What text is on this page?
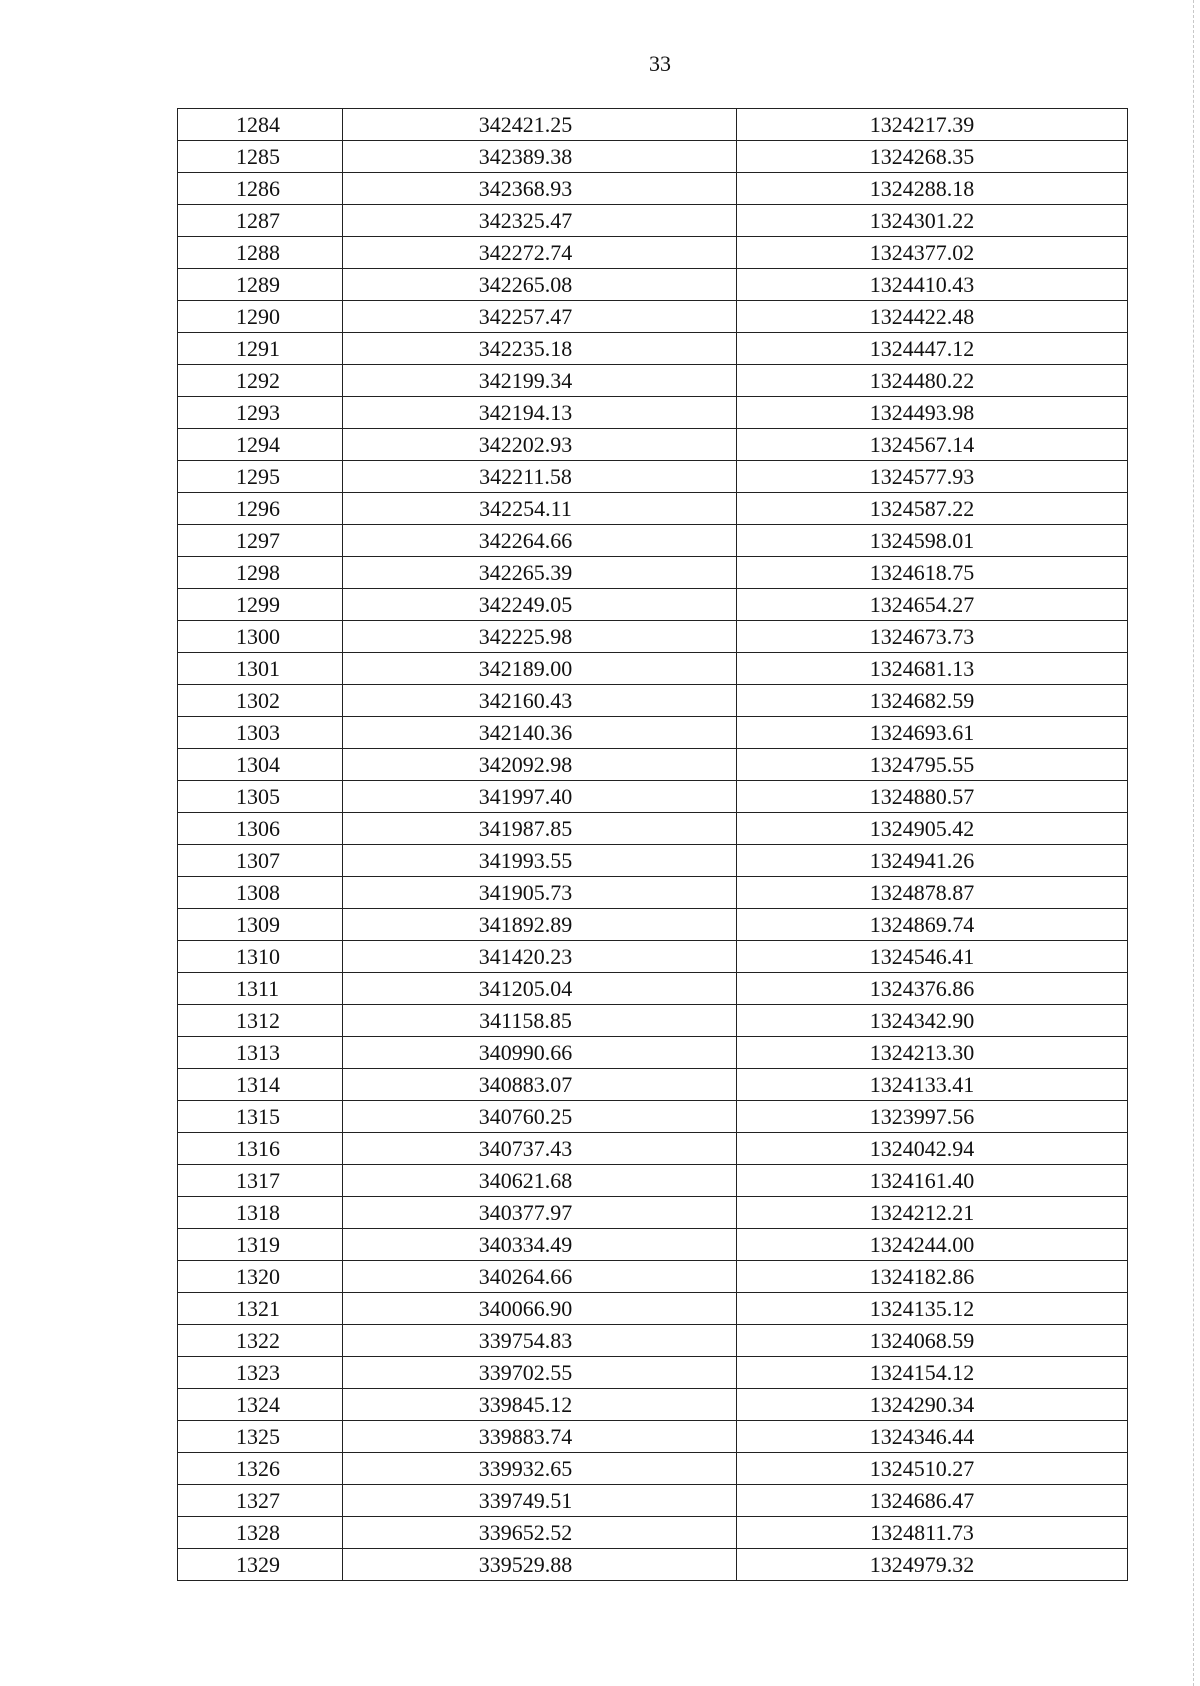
33
1284	342421.25	1324217.39
1285	342389.38	1324268.35
1286	342368.93	1324288.18
1287	342325.47	1324301.22
1288	342272.74	1324377.02
1289	342265.08	1324410.43
1290	342257.47	1324422.48
1291	342235.18	1324447.12
1292	342199.34	1324480.22
1293	342194.13	1324493.98
1294	342202.93	1324567.14
1295	342211.58	1324577.93
1296	342254.11	1324587.22
1297	342264.66	1324598.01
1298	342265.39	1324618.75
1299	342249.05	1324654.27
1300	342225.98	1324673.73
1301	342189.00	1324681.13
1302	342160.43	1324682.59
1303	342140.36	1324693.61
1304	342092.98	1324795.55
1305	341997.40	1324880.57
1306	341987.85	1324905.42
1307	341993.55	1324941.26
1308	341905.73	1324878.87
1309	341892.89	1324869.74
1310	341420.23	1324546.41
1311	341205.04	1324376.86
1312	341158.85	1324342.90
1313	340990.66	1324213.30
1314	340883.07	1324133.41
1315	340760.25	1323997.56
1316	340737.43	1324042.94
1317	340621.68	1324161.40
1318	340377.97	1324212.21
1319	340334.49	1324244.00
1320	340264.66	1324182.86
1321	340066.90	1324135.12
1322	339754.83	1324068.59
1323	339702.55	1324154.12
1324	339845.12	1324290.34
1325	339883.74	1324346.44
1326	339932.65	1324510.27
1327	339749.51	1324686.47
1328	339652.52	1324811.73
1329	339529.88	1324979.32
